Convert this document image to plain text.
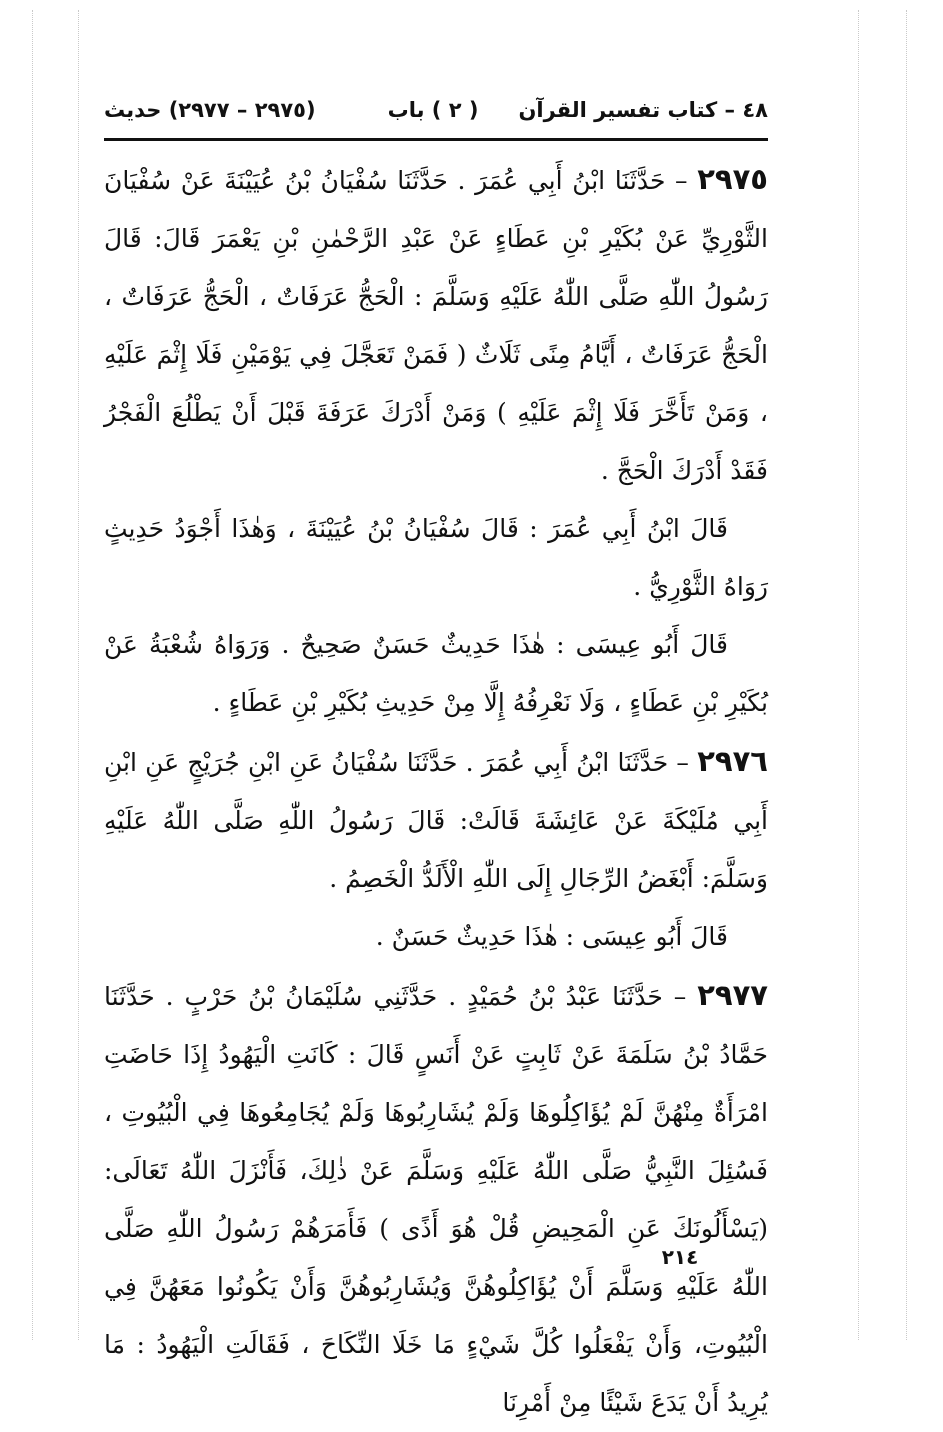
٤٨ – كتاب تفسير القرآن
( ٢ ) باب
(٢٩٧٥ – ٢٩٧٧) حديث

٢٩٧٥ – حَدَّثَنَا ابْنُ أَبِي عُمَرَ . حَدَّثَنَا سُفْيَانُ بْنُ عُيَيْنَةَ عَنْ سُفْيَانَ الثَّوْرِيِّ عَنْ بُكَيْرِ بْنِ عَطَاءٍ عَنْ عَبْدِ الرَّحْمٰنِ بْنِ يَعْمَرَ قَالَ: قَالَ رَسُولُ اللّٰهِ صَلَّى اللّٰهُ عَلَيْهِ وَسَلَّمَ : الْحَجُّ عَرَفَاتٌ ، الْحَجُّ عَرَفَاتٌ ، الْحَجُّ عَرَفَاتٌ ، أَيَّامُ مِنًى ثَلَاثٌ ( فَمَنْ تَعَجَّلَ فِي يَوْمَيْنِ فَلَا إِثْمَ عَلَيْهِ ، وَمَنْ تَأَخَّرَ فَلَا إِثْمَ عَلَيْهِ ) وَمَنْ أَدْرَكَ عَرَفَةَ قَبْلَ أَنْ يَطْلُعَ الْفَجْرُ فَقَدْ أَدْرَكَ الْحَجَّ .

قَالَ ابْنُ أَبِي عُمَرَ : قَالَ سُفْيَانُ بْنُ عُيَيْنَةَ ، وَهٰذَا أَجْوَدُ حَدِيثٍ رَوَاهُ الثَّوْرِيُّ .

قَالَ أَبُو عِيسَى : هٰذَا حَدِيثٌ حَسَنٌ صَحِيحٌ . وَرَوَاهُ شُعْبَةُ عَنْ بُكَيْرِ بْنِ عَطَاءٍ ، وَلَا نَعْرِفُهُ إِلَّا مِنْ حَدِيثِ بُكَيْرِ بْنِ عَطَاءٍ .

٢٩٧٦ – حَدَّثَنَا ابْنُ أَبِي عُمَرَ . حَدَّثَنَا سُفْيَانُ عَنِ ابْنِ جُرَيْجٍ عَنِ ابْنِ أَبِي مُلَيْكَةَ عَنْ عَائِشَةَ قَالَتْ: قَالَ رَسُولُ اللّٰهِ صَلَّى اللّٰهُ عَلَيْهِ وَسَلَّمَ: أَبْغَضُ الرِّجَالِ إِلَى اللّٰهِ الْأَلَدُّ الْخَصِمُ .

قَالَ أَبُو عِيسَى : هٰذَا حَدِيثٌ حَسَنٌ .

٢٩٧٧ – حَدَّثَنَا عَبْدُ بْنُ حُمَيْدٍ . حَدَّثَنِي سُلَيْمَانُ بْنُ حَرْبٍ . حَدَّثَنَا حَمَّادُ بْنُ سَلَمَةَ عَنْ ثَابِتٍ عَنْ أَنَسٍ قَالَ : كَانَتِ الْيَهُودُ إِذَا حَاضَتِ امْرَأَةٌ مِنْهُنَّ لَمْ يُؤَاكِلُوهَا وَلَمْ يُشَارِبُوهَا وَلَمْ يُجَامِعُوهَا فِي الْبُيُوتِ ، فَسُئِلَ النَّبِيُّ صَلَّى اللّٰهُ عَلَيْهِ وَسَلَّمَ عَنْ ذٰلِكَ، فَأَنْزَلَ اللّٰهُ تَعَالَى: (يَسْأَلُونَكَ عَنِ الْمَحِيضِ قُلْ هُوَ أَذًى ) فَأَمَرَهُمْ رَسُولُ اللّٰهِ صَلَّى اللّٰهُ عَلَيْهِ وَسَلَّمَ أَنْ يُؤَاكِلُوهُنَّ وَيُشَارِبُوهُنَّ وَأَنْ يَكُونُوا مَعَهُنَّ فِي الْبُيُوتِ، وَأَنْ يَفْعَلُوا كُلَّ شَيْءٍ مَا خَلَا النِّكَاحَ ، فَقَالَتِ الْيَهُودُ : مَا يُرِيدُ أَنْ يَدَعَ شَيْئًا مِنْ أَمْرِنَا

٢١٤
